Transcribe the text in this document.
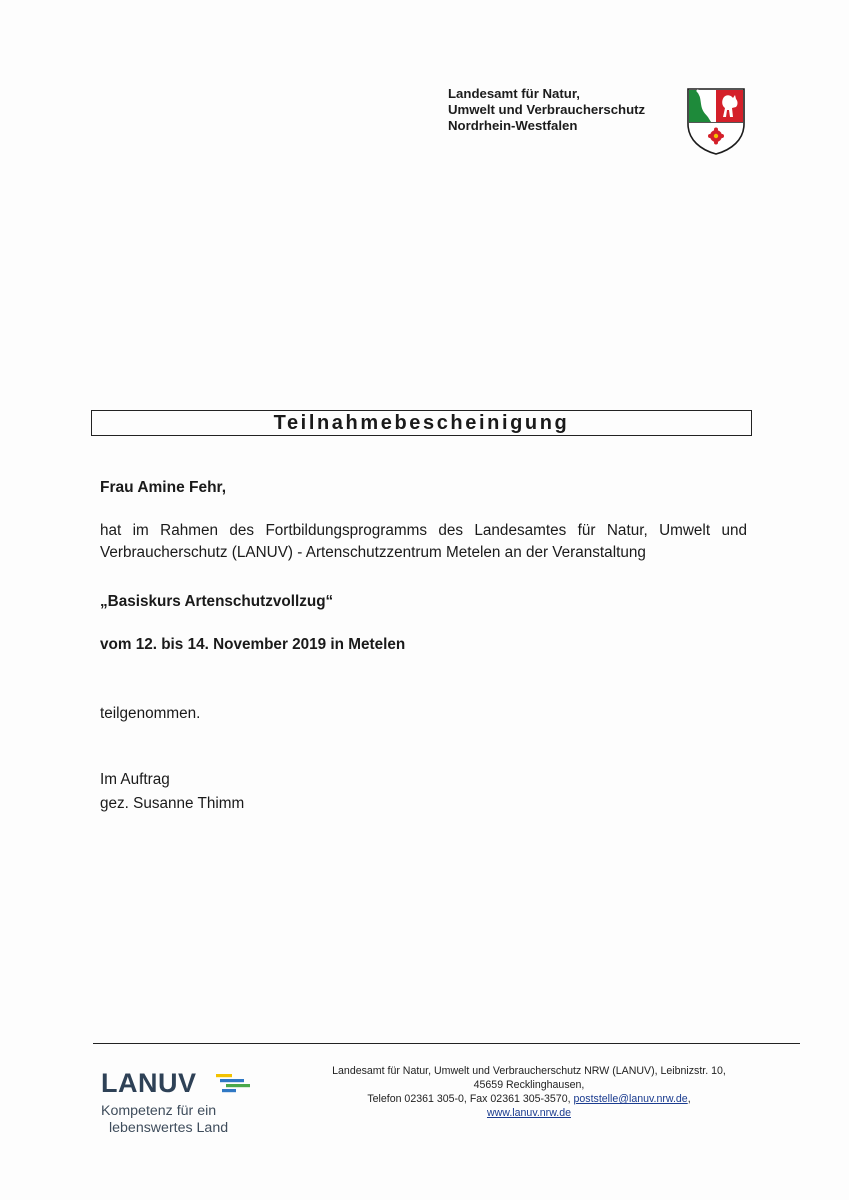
Landesamt für Natur,
Umwelt und Verbraucherschutz
Nordrhein-Westfalen
Teilnahmebescheinigung
Frau Amine Fehr,
hat im Rahmen des Fortbildungsprogramms des Landesamtes für Natur, Umwelt und Verbraucherschutz (LANUV) - Artenschutzzentrum Metelen an der Veranstaltung
„Basiskurs Artenschutzvollzug“
vom 12. bis 14. November 2019 in Metelen
teilgenommen.
Im Auftrag
gez. Susanne Thimm
LANUV
Kompetenz für ein
lebenswertes Land
Landesamt für Natur, Umwelt und Verbraucherschutz NRW (LANUV), Leibnizstr. 10,
45659 Recklinghausen,
Telefon 02361 305-0, Fax 02361 305-3570, poststelle@lanuv.nrw.de,
www.lanuv.nrw.de
